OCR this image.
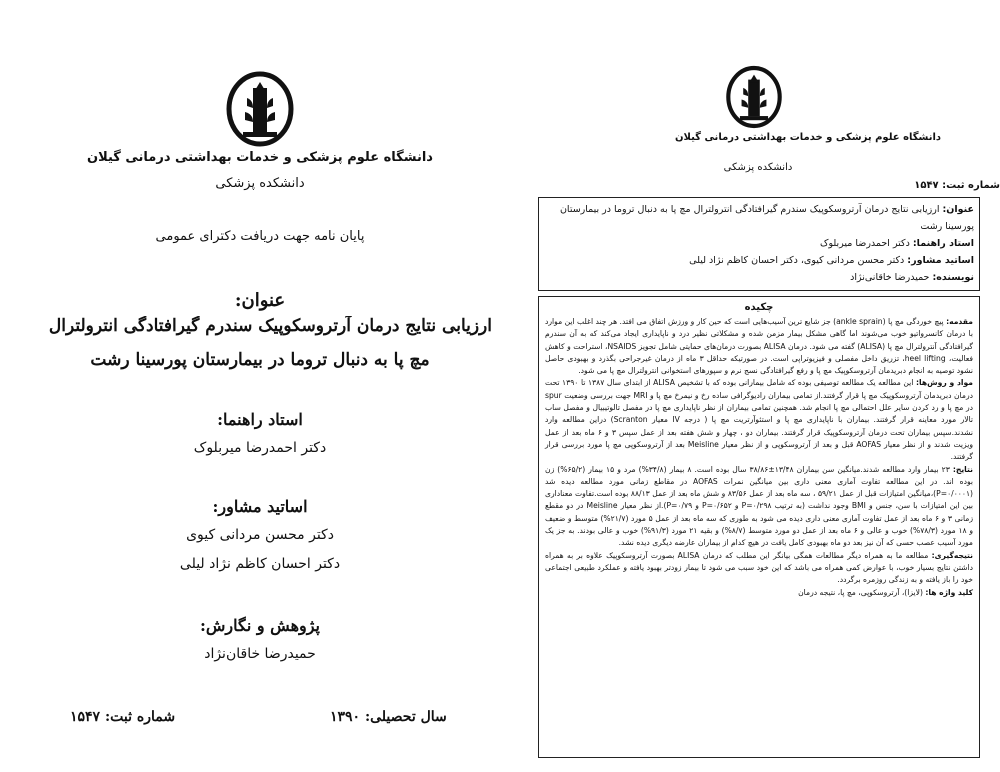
دانشگاه علوم پزشکی و خدمات بهداشتی درمانی گیلان
دانشکده پزشکی
پایان نامه جهت دریافت دکترای عمومی
عنوان:
ارزیابی نتایج درمان آرتروسکوپیک سندرم گیرافتادگی انترولترال
مچ پا به دنبال تروما در بیمارستان پورسینا رشت
استاد راهنما:
دکتر احمدرضا میربلوک
اساتید مشاور:
دکتر محسن مردانی کیوی
دکتر احسان کاظم نژاد لیلی
پژوهش و نگارش:
حمیدرضا خاقان‌نژاد
سال تحصیلی: ۱۳۹۰
شماره ثبت: ۱۵۴۷
دانشگاه علوم پزشکی و خدمات بهداشتی درمانی گیلان
دانشکده پزشکی
شماره ثبت: ۱۵۴۷
عنوان: ارزیابی نتایج درمان آرتروسکوپیک سندرم گیرافتادگی انترولترال مچ پا به دنبال تروما در بیمارستان پورسینا رشت
استاد راهنما: دکتر احمدرضا میربلوک
اساتید مشاور: دکتر محسن مردانی کیوی، دکتر احسان کاظم نژاد لیلی
نویسنده: حمیدرضا خاقانی‌نژاد
چکیده

مقدمه: پیچ خوردگی مچ پا (ankle sprain) جز شایع ترین آسیب‌هایی است که حین کار و ورزش اتفاق می افتد. هر چند اغلب این موارد با درمان کانسرواتیو خوب می‌شوند اما گاهی مشکل بیمار مزمن شده و مشکلاتی نظیر درد و ناپایداری ایجاد می‌کند که به آن سندرم گیرافتادگی آنترولترال مچ پا (ALISA) گفته می شود. درمان ALISA بصورت درمان‌های حمایتی شامل تجویز NSAIDS، استراحت و کاهش فعالیت، heel lifting، تزریق داخل مفصلی و فیزیوتراپی است. در صورتیکه حداقل ۳ ماه از درمان غیرجراحی بگذرد و بهبودی حاصل نشود توصیه به انجام دبریدمان آرتروسکوپیک مچ پا و رفع گیرافتادگی نسج نرم و سپورهای استخوانی انترولترال مچ پا می شود.

مواد و روش‌ها: این مطالعه یک مطالعه توصیفی بوده که شامل بیمارانی بوده که با تشخیص ALISA از ابتدای سال ۱۳۸۷ تا ۱۳۹۰ تحت درمان دبریدمان آرتروسکوپیک مچ پا قرار گرفتند.از تمامی بیماران رادیوگرافی ساده رخ و نیمرخ مچ پا و MRI جهت بررسی وضعیت spur در مچ پا و رد کردن سایر علل احتمالی مچ پا انجام شد. همچنین تمامی بیماران از نظر ناپایداری مچ پا در مفصل تالوتیبیال و مفصل ساب تالار مورد معاینه قرار گرفتند. بیماران با ناپایداری مچ پا و استئوآرتریت مچ پا ( درجه IV معیار Scranton) دراین مطالعه وارد نشدند.سپس بیماران تحت درمان آرتروسکوپیک قرار گرفتند. بیماران دو ، چهار و شش هفته بعد از عمل سپس ۳ و ۶ ماه بعد از عمل ویزیت شدند و از نظر معیار AOFAS قبل و بعد از آرتروسکوپی و از نظر معیار Meisline بعد از آرتروسکوپی مچ پا مورد بررسی قرار گرفتند.

نتایج: ۲۳ بیمار وارد مطالعه شدند.میانگین سن بیماران ۱۳/۴۸±۳۸/۸۶ سال بوده است. ۸ بیمار (۳۴/۸%) مرد و ۱۵ بیمار (۶۵/۲%) زن بوده اند. در این مطالعه تفاوت آماری معنی داری بین میانگین نمرات AOFAS در مقاطع زمانی مورد مطالعه دیده شد (P=۰/۰۰۰۱)،میانگین امتیازات قبل از عمل ۵۹/۲۱ ، سه ماه بعد از عمل ۸۳/۵۶ و شش ماه بعد از عمل ۸۸/۱۳ بوده است.تفاوت معناداری بین این امتیازات با سن، جنس و BMI وجود نداشت (به ترتیب P=۰/۲۹۸ و P=۰/۶۵۲ و P=۰/۷۹).از نظر معیار Meisline در دو مقطع زمانی ۳ و ۶ ماه بعد از عمل تفاوت آماری معنی داری دیده می شود به طوری که سه ماه بعد از عمل ۵ مورد (۲۱/۷%) متوسط و ضعیف و ۱۸ مورد (۷۸/۳%) خوب و عالی و ۶ ماه بعد از عمل دو مورد متوسط (۸/۷%) و بقیه ۲۱ مورد (۹۱/۳%) خوب و عالی بودند. به جز یک مورد آسیب عصب حسی که آن نیز بعد دو ماه بهبودی کامل یافت در هیچ کدام از بیماران عارضه دیگری دیده نشد.

نتیجه‌گیری: مطالعه ما به همراه دیگر مطالعات همگی بیانگر این مطلب که درمان ALISA بصورت آرتروسکوپیک علاوه بر به همراه داشتن نتایج بسیار خوب، با عوارض کمی همراه می باشد که این خود سبب می شود تا بیمار زودتر بهبود یافته و عملکرد طبیعی اجتماعی خود را باز یافته و به زندگی روزمره برگردد.

کلید واژه ها: (لایزا)، آرتروسکوپی، مچ پا، نتیجه درمان
